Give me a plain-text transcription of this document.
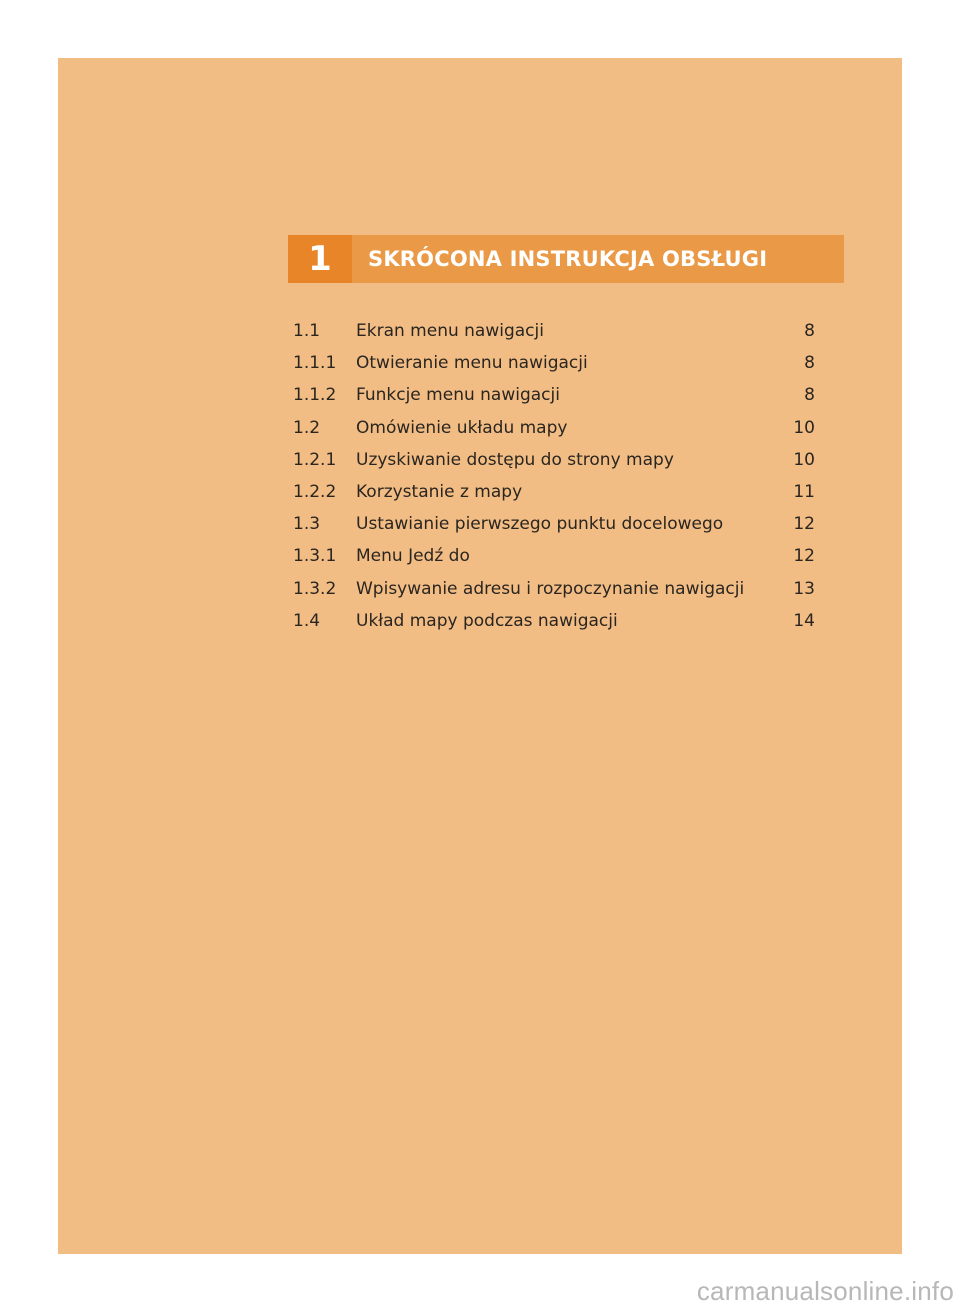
1	SKRÓCONA INSTRUKCJA OBSŁUGI
1.1	Ekran menu nawigacji	8
1.1.1	Otwieranie menu nawigacji	8
1.1.2	Funkcje menu nawigacji	8
1.2	Omówienie układu mapy	10
1.2.1	Uzyskiwanie dostępu do strony mapy	10
1.2.2	Korzystanie z mapy	11
1.3	Ustawianie pierwszego punktu docelowego	12
1.3.1	Menu Jedź do	12
1.3.2	Wpisywanie adresu i rozpoczynanie nawigacji	13
1.4	Układ mapy podczas nawigacji	14
carmanualsonline.info
